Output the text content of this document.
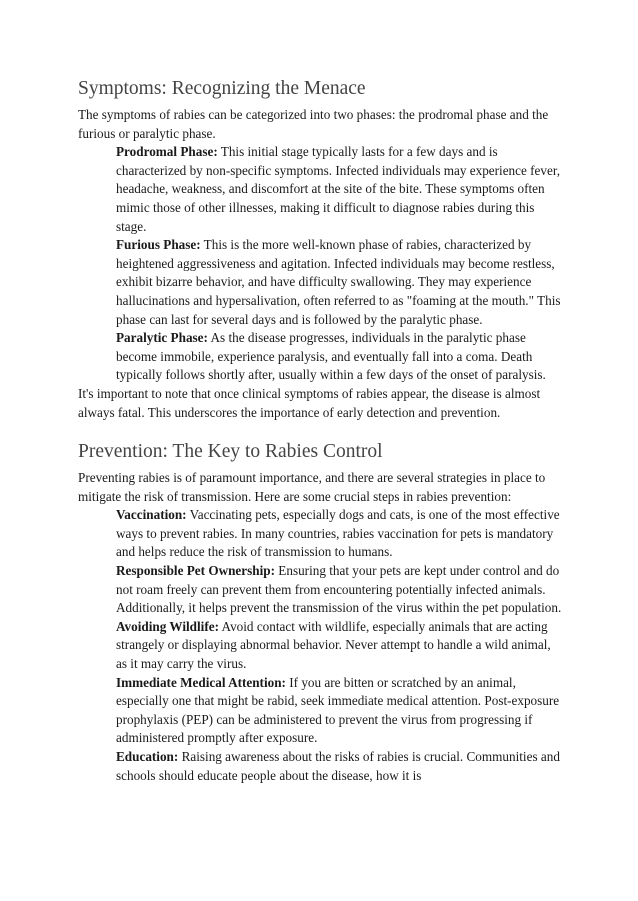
Symptoms: Recognizing the Menace

The symptoms of rabies can be categorized into two phases: the prodromal phase and the furious or paralytic phase.

Prodromal Phase: This initial stage typically lasts for a few days and is characterized by non-specific symptoms. Infected individuals may experience fever, headache, weakness, and discomfort at the site of the bite. These symptoms often mimic those of other illnesses, making it difficult to diagnose rabies during this stage.
Furious Phase: This is the more well-known phase of rabies, characterized by heightened aggressiveness and agitation. Infected individuals may become restless, exhibit bizarre behavior, and have difficulty swallowing. They may experience hallucinations and hypersalivation, often referred to as "foaming at the mouth." This phase can last for several days and is followed by the paralytic phase.
Paralytic Phase: As the disease progresses, individuals in the paralytic phase become immobile, experience paralysis, and eventually fall into a coma. Death typically follows shortly after, usually within a few days of the onset of paralysis.

It's important to note that once clinical symptoms of rabies appear, the disease is almost always fatal. This underscores the importance of early detection and prevention.

Prevention: The Key to Rabies Control

Preventing rabies is of paramount importance, and there are several strategies in place to mitigate the risk of transmission. Here are some crucial steps in rabies prevention:

Vaccination: Vaccinating pets, especially dogs and cats, is one of the most effective ways to prevent rabies. In many countries, rabies vaccination for pets is mandatory and helps reduce the risk of transmission to humans.
Responsible Pet Ownership: Ensuring that your pets are kept under control and do not roam freely can prevent them from encountering potentially infected animals. Additionally, it helps prevent the transmission of the virus within the pet population.
Avoiding Wildlife: Avoid contact with wildlife, especially animals that are acting strangely or displaying abnormal behavior. Never attempt to handle a wild animal, as it may carry the virus.
Immediate Medical Attention: If you are bitten or scratched by an animal, especially one that might be rabid, seek immediate medical attention. Post-exposure prophylaxis (PEP) can be administered to prevent the virus from progressing if administered promptly after exposure.
Education: Raising awareness about the risks of rabies is crucial. Communities and schools should educate people about the disease, how it is
